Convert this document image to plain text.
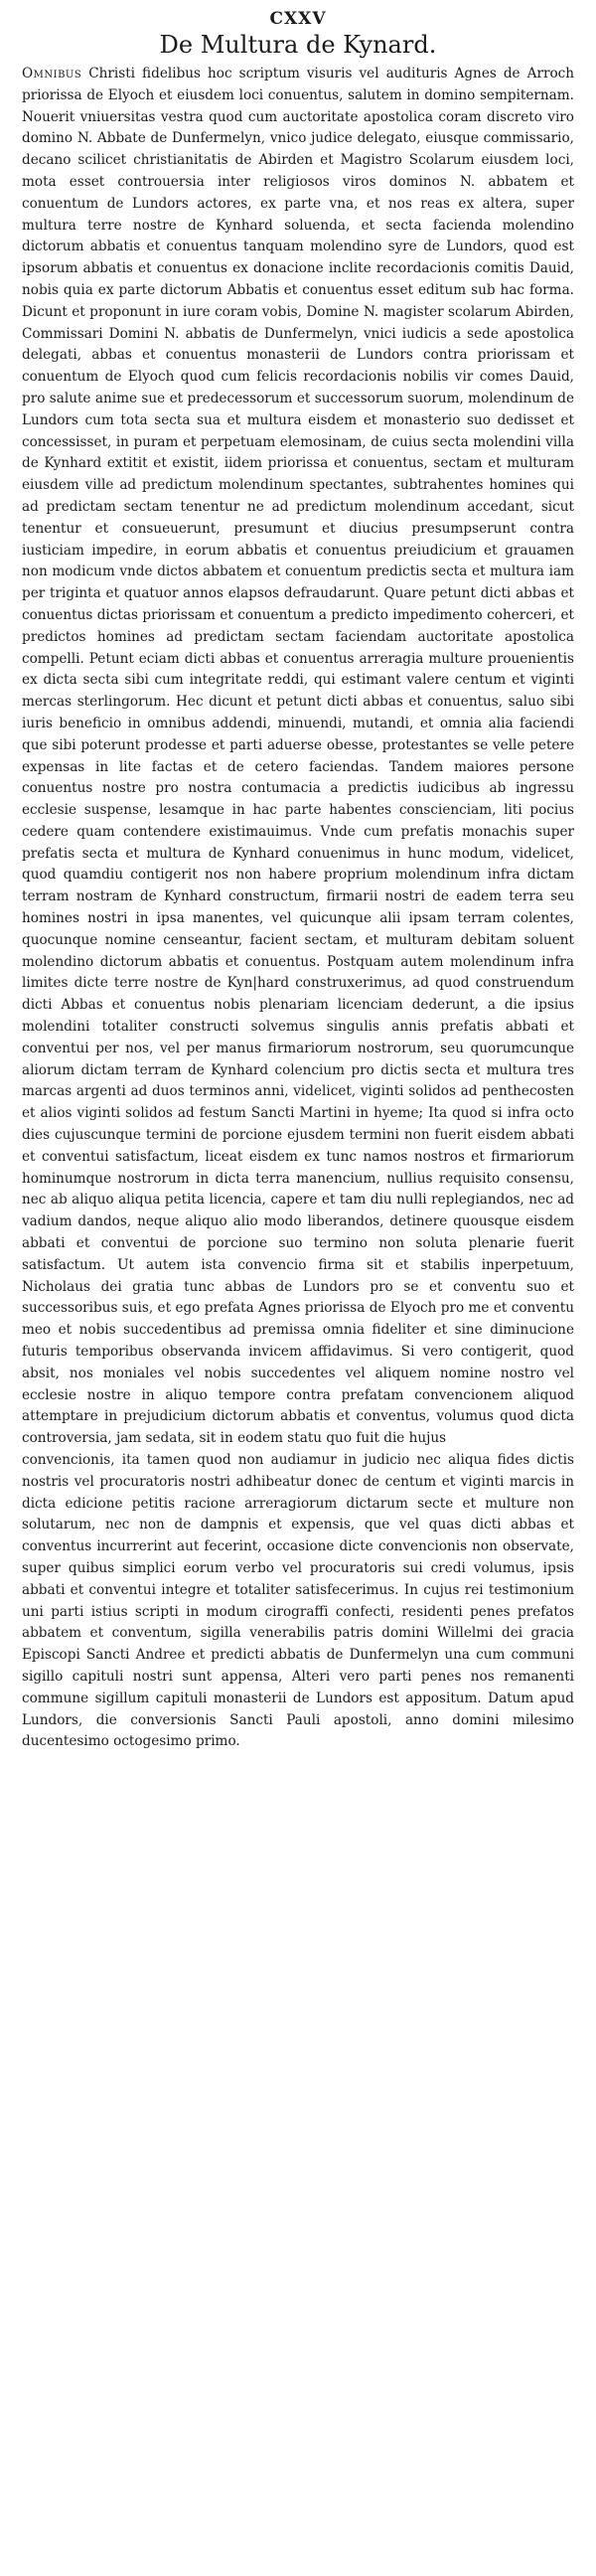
CXXV
De Multura de Kynard.

Omnibus Christi fidelibus hoc scriptum visuris vel audituris Agnes de Arroch priorissa de Elyoch et eiusdem loci conuentus, salutem in domino sempiternam. Nouerit vniuersitas vestra quod cum auctoritate apostolica coram discreto viro domino N. Abbate de Dunfermelyn, vnico judice delegato, eiusque commissario, decano scilicet christianitatis de Abirden et Magistro Scolarum eiusdem loci, mota esset controuersia inter religiosos viros dominos N. abbatem et conuentum de Lundors actores, ex parte vna, et nos reas ex altera, super multura terre nostre de Kynhard soluenda, et secta facienda molendino dictorum abbatis et conuentus tanquam molendino syre de Lundors, quod est ipsorum abbatis et conuentus ex donacione inclite recordacionis comitis Dauid, nobis quia ex parte dictorum Abbatis et conuentus esset editum sub hac forma. Dicunt et proponunt in iure coram vobis, Domine N. magister scolarum Abirden, Commissari Domini N. abbatis de Dunfermelyn, vnici iudicis a sede apostolica delegati, abbas et conuentus monasterii de Lundors contra priorissam et conuentum de Elyoch quod cum felicis recordacionis nobilis vir comes Dauid, pro salute anime sue et predecessorum et successorum suorum, molendinum de Lundors cum tota secta sua et multura eisdem et monasterio suo dedisset et concessisset, in puram et perpetuam elemosinam, de cuius secta molendini villa de Kynhard extitit et existit, iidem priorissa et conuentus, sectam et multuram eiusdem ville ad predictum molendinum spectantes, subtrahentes homines qui ad predictam sectam tenentur ne ad predictum molendinum accedant, sicut tenentur et consueuerunt, presumunt et diucius presumpserunt contra iusticiam impedire, in eorum abbatis et conuentus preiudicium et grauamen non modicum vnde dictos abbatem et conuentum predictis secta et multura iam per triginta et quatuor annos elapsos defraudarunt. Quare petunt dicti abbas et conuentus dictas priorissam et conuentum a predicto impedimento coherceri, et predictos homines ad predictam sectam faciendam auctoritate apostolica compelli. Petunt eciam dicti abbas et conuentus arreragia multure prouenientis ex dicta secta sibi cum integritate reddi, qui estimant valere centum et viginti mercas sterlingorum. Hec dicunt et petunt dicti abbas et conuentus, saluo sibi iuris beneficio in omnibus addendi, minuendi, mutandi, et omnia alia faciendi que sibi poterunt prodesse et parti aduerse obesse, protestantes se velle petere expensas in lite factas et de cetero faciendas. Tandem maiores persone conuentus nostre pro nostra contumacia a predictis iudicibus ab ingressu ecclesie suspense, lesamque in hac parte habentes conscienciam, liti pocius cedere quam contendere existimauimus. Vnde cum prefatis monachis super prefatis secta et multura de Kynhard conuenimus in hunc modum, videlicet, quod quamdiu contigerit nos non habere proprium molendinum infra dictam terram nostram de Kynhard constructum, firmarii nostri de eadem terra seu homines nostri in ipsa manentes, vel quicunque alii ipsam terram colentes, quocunque nomine censeantur, facient sectam, et multuram debitam soluent molendino dictorum abbatis et conuentus. Postquam autem molendinum infra limites dicte terre nostre de Kyn|hard construxerimus, ad quod construendum dicti Abbas et conuentus nobis plenariam licenciam dederunt, a die ipsius molendini totaliter constructi solvemus singulis annis prefatis abbati et conventui per nos, vel per manus firmariorum nostrorum, seu quorumcunque aliorum dictam terram de Kynhard colencium pro dictis secta et multura tres marcas argenti ad duos terminos anni, videlicet, viginti solidos ad penthecosten et alios viginti solidos ad festum Sancti Martini in hyeme; Ita quod si infra octo dies cujuscunque termini de porcione ejusdem termini non fuerit eisdem abbati et conventui satisfactum, liceat eisdem ex tunc namos nostros et firmariorum hominumque nostrorum in dicta terra manencium, nullius requisito consensu, nec ab aliquo aliqua petita licencia, capere et tam diu nulli replegiandos, nec ad vadium dandos, neque aliquo alio modo liberandos, detinere quousque eisdem abbati et conventui de porcione suo termino non soluta plenarie fuerit satisfactum. Ut autem ista convencio firma sit et stabilis inperpetuum, Nicholaus dei gratia tunc abbas de Lundors pro se et conventu suo et successoribus suis, et ego prefata Agnes priorissa de Elyoch pro me et conventu meo et nobis succedentibus ad premissa omnia fideliter et sine diminucione futuris temporibus observanda invicem affidavimus. Si vero contigerit, quod absit, nos moniales vel nobis succedentes vel aliquem nomine nostro vel ecclesie nostre in aliquo tempore contra prefatam convencionem aliquod attemptare in prejudicium dictorum abbatis et conventus, volumus quod dicta controversia, jam sedata, sit in eodem statu quo fuit die hujus

convencionis, ita tamen quod non audiamur in judicio nec aliqua fides dictis nostris vel procuratoris nostri adhibeatur donec de centum et viginti marcis in dicta edicione petitis racione arreragiorum dictarum secte et multure non solutarum, nec non de dampnis et expensis, que vel quas dicti abbas et conventus incurrerint aut fecerint, occasione dicte convencionis non observate, super quibus simplici eorum verbo vel procuratoris sui credi volumus, ipsis abbati et conventui integre et totaliter satisfecerimus. In cujus rei testimonium uni parti istius scripti in modum cirograffi confecti, residenti penes prefatos abbatem et conventum, sigilla venerabilis patris domini Willelmi dei gracia Episcopi Sancti Andree et predicti abbatis de Dunfermelyn una cum communi sigillo capituli nostri sunt appensa, Alteri vero parti penes nos remanenti commune sigillum capituli monasterii de Lundors est appositum. Datum apud Lundors, die conversionis Sancti Pauli apostoli, anno domini milesimo ducentesimo octogesimo primo.
